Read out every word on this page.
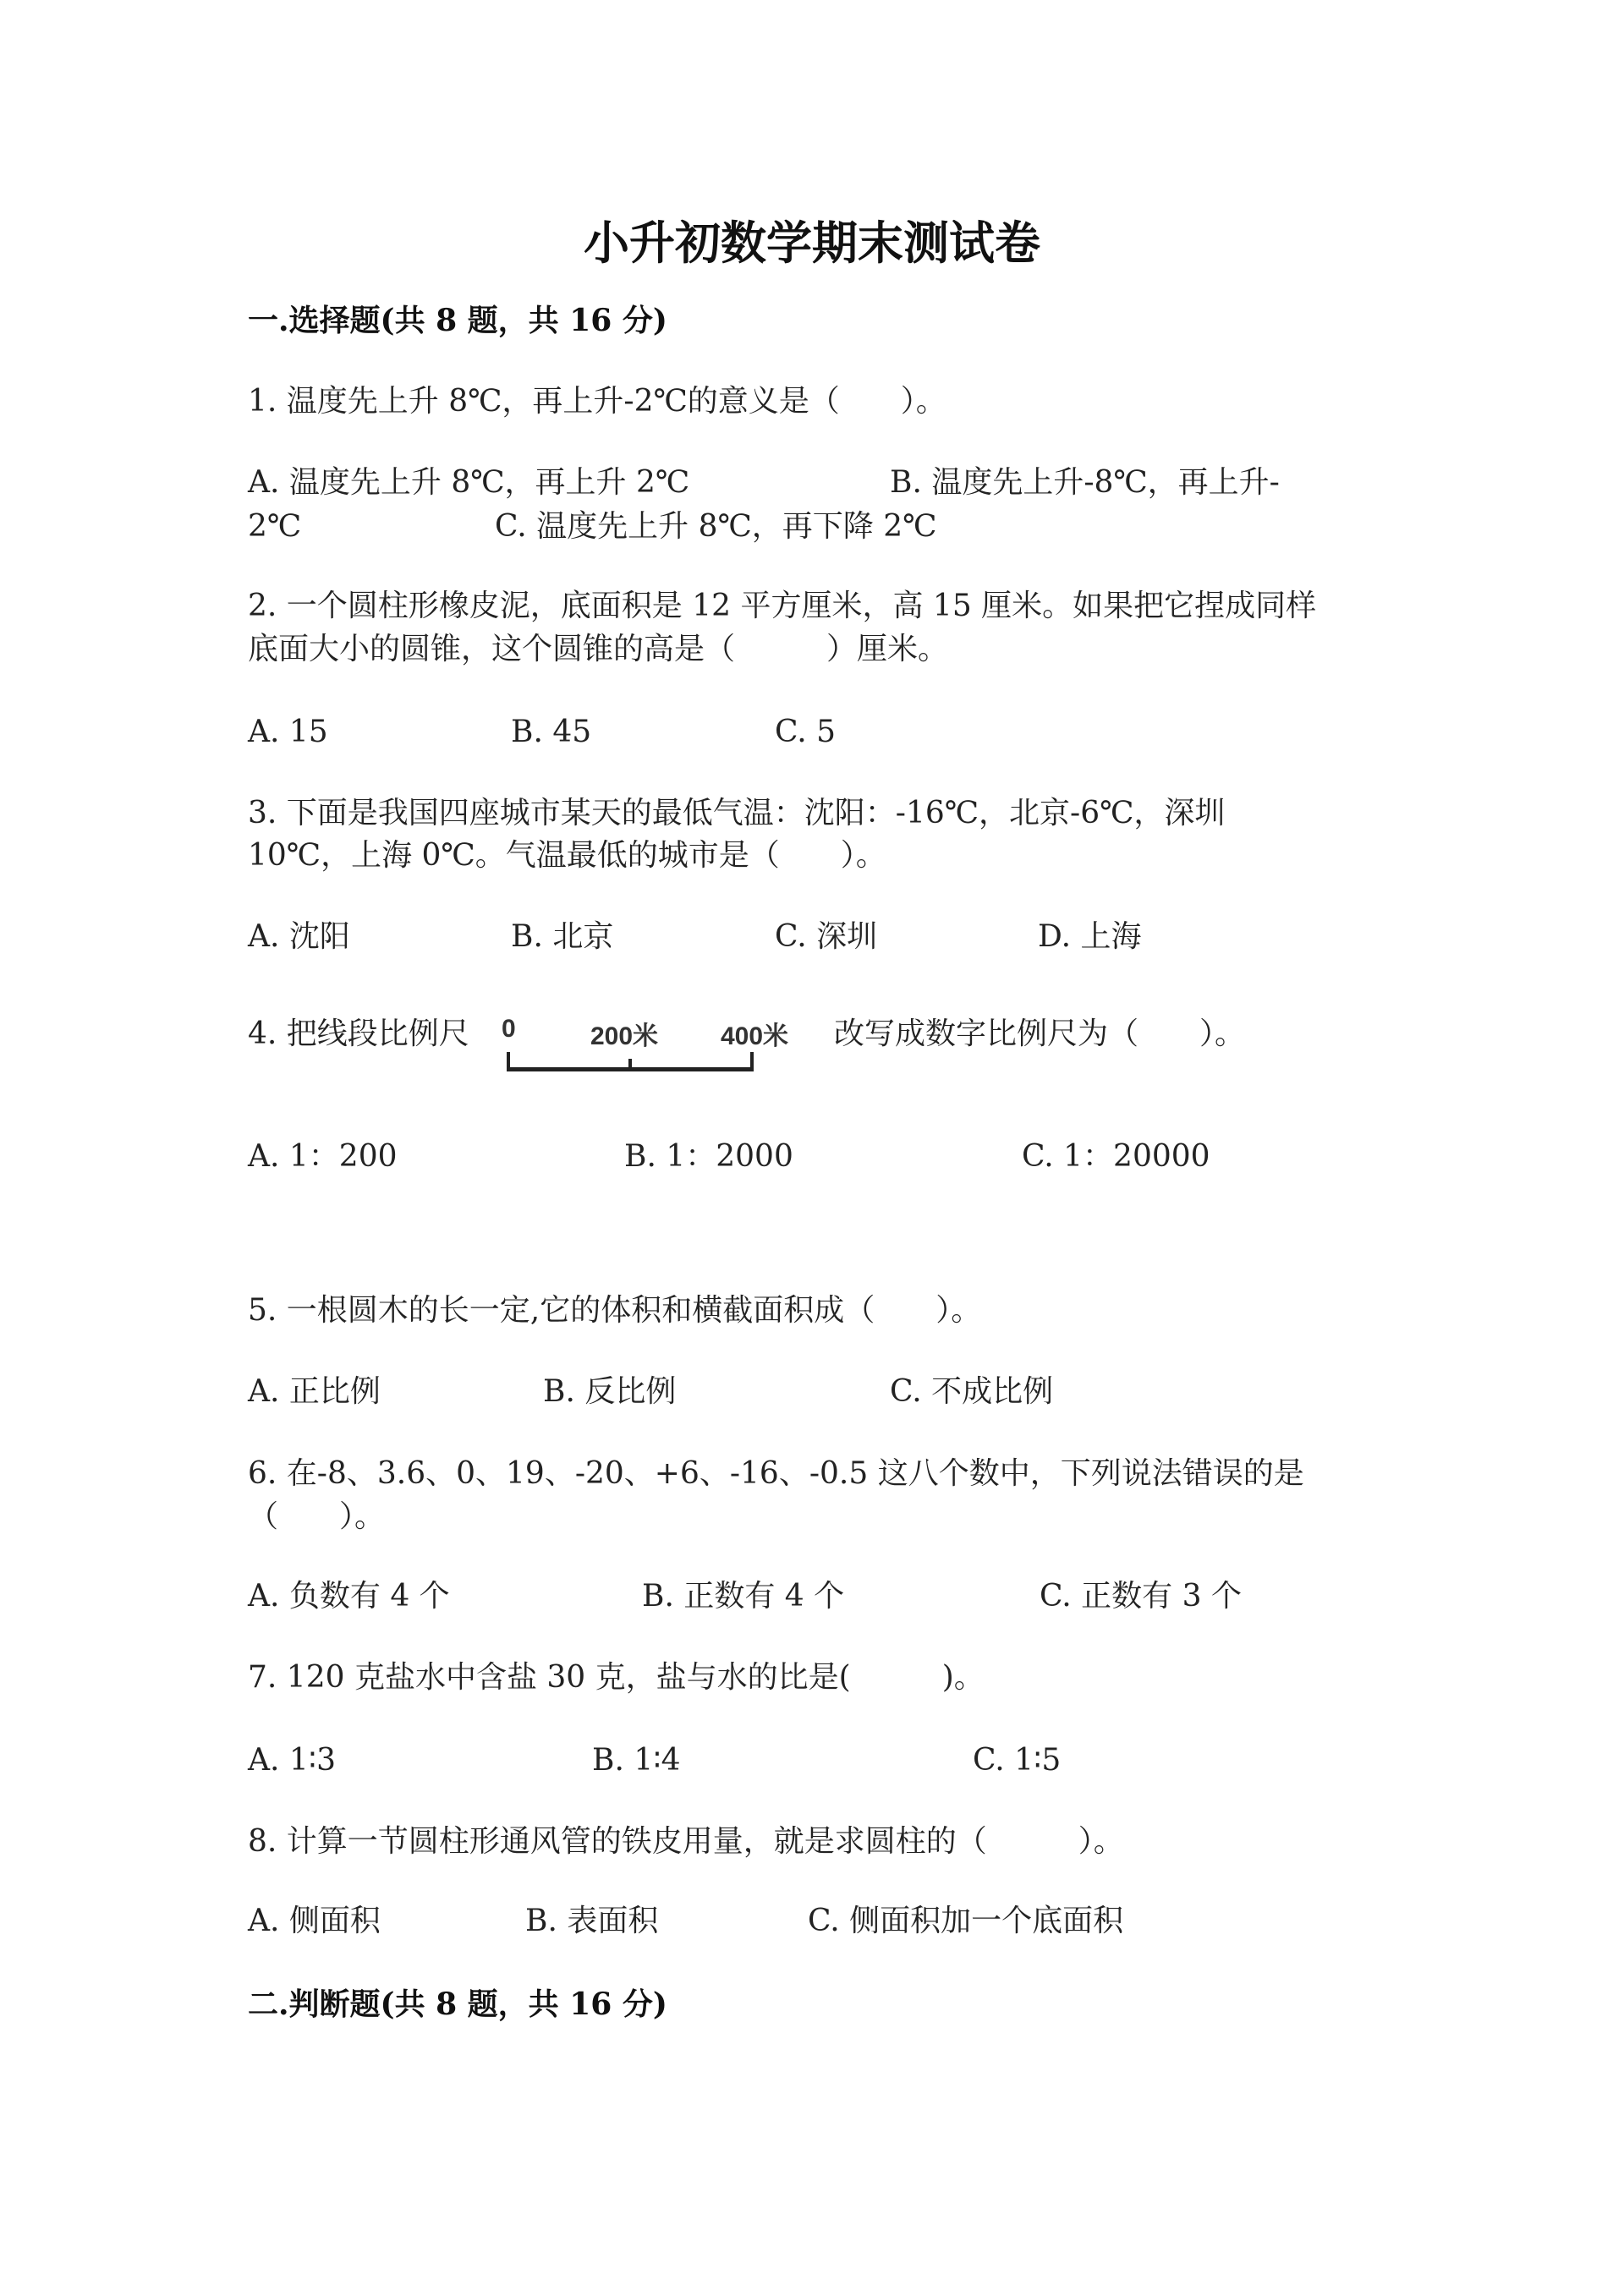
小升初数学期末测试卷
一.选择题(共 8 题，共 16 分)
1. 温度先上升 8℃，再上升-2℃的意义是（　　）。
A. 温度先上升 8℃，再上升 2℃	B. 温度先上升-8℃，再上升-
2℃	C. 温度先上升 8℃，再下降 2℃
2. 一个圆柱形橡皮泥，底面积是 12 平方厘米，高 15 厘米。如果把它捏成同样
底面大小的圆锥，这个圆锥的高是（　　　）厘米。
A. 15	B. 45	C. 5
3. 下面是我国四座城市某天的最低气温：沈阳：-16℃，北京-6℃，深圳
10℃，上海 0℃。气温最低的城市是（　　）。
A. 沈阳	B. 北京	C. 深圳	D. 上海
4. 把线段比例尺 0	200米 400米 改写成数字比例尺为（　　）。
A. 1：200	B. 1：2000	C. 1：20000
5. 一根圆木的长一定,它的体积和横截面积成（　　）。
A. 正比例	B. 反比例	C. 不成比例
6. 在-8、3.6、0、19、-20、+6、-16、-0.5 这八个数中，下列说法错误的是
（　　）。
A. 负数有 4 个	B. 正数有 4 个	C. 正数有 3 个
7. 120 克盐水中含盐 30 克，盐与水的比是(　　　)。
A. 1∶3	B. 1∶4	C. 1∶5
8. 计算一节圆柱形通风管的铁皮用量，就是求圆柱的（　　　）。
A. 侧面积	B. 表面积	C. 侧面积加一个底面积
二.判断题(共 8 题，共 16 分)
